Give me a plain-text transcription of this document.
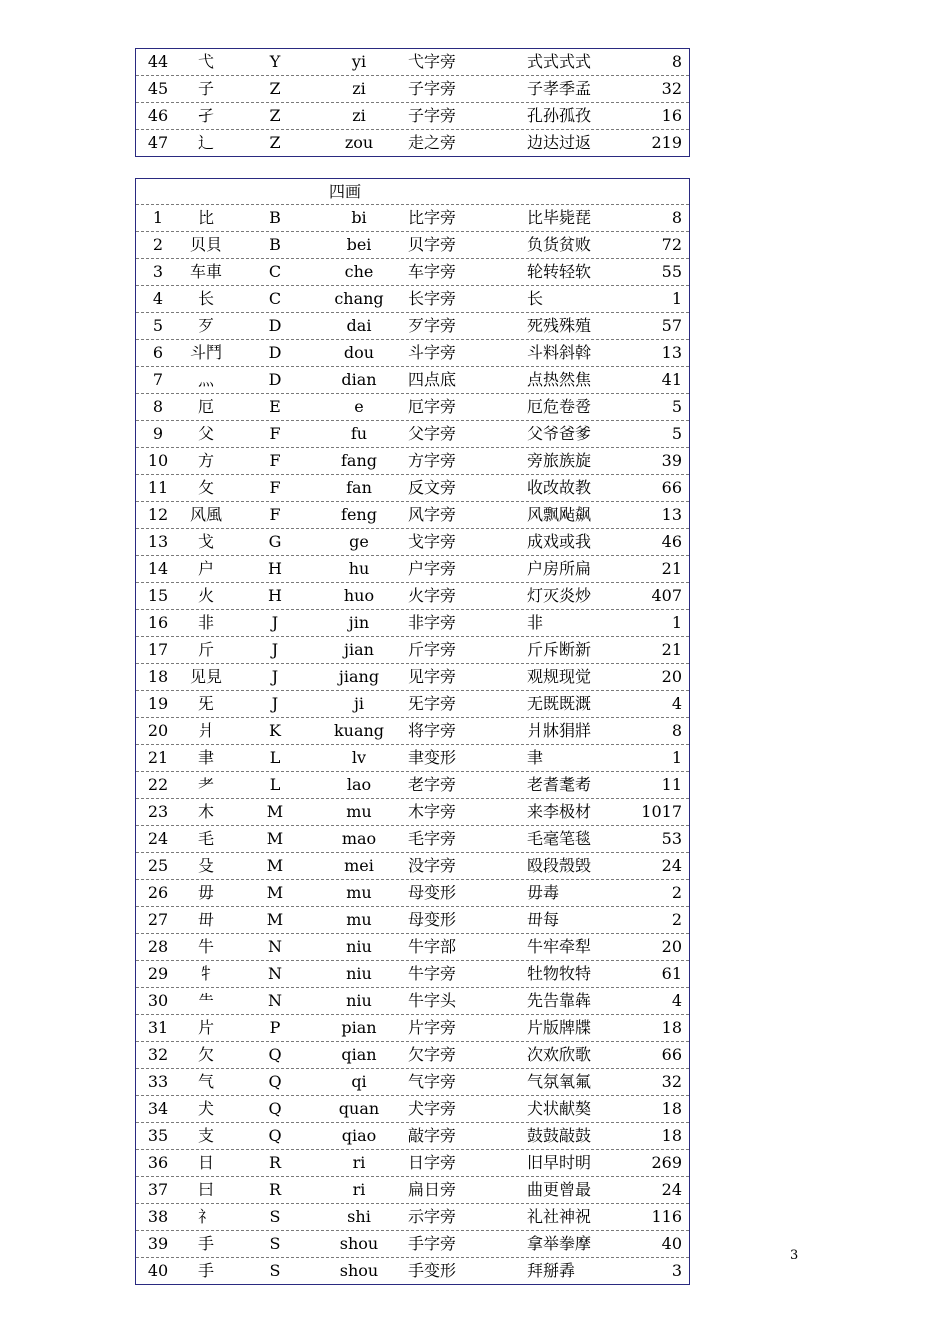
44	弋	Y	yi	弋字旁	式式式式	8
45	子	Z	zi	子字旁	子孝季孟	32
46	孑	Z	zi	子字旁	孔孙孤孜	16
47	辶	Z	zou	走之旁	边达过返	219
四画
1	比	B	bi	比字旁	比毕毙琵	8
2	贝貝	B	bei	贝字旁	负货贫败	72
3	车車	C	che	车字旁	轮转轻软	55
4	长	C	chang	长字旁	长	1
5	歹	D	dai	歹字旁	死残殊殖	57
6	斗鬥	D	dou	斗字旁	斗料斜斡	13
7	灬	D	dian	四点底	点热然焦	41
8	厄	E	e	厄字旁	厄危卷卺	5
9	父	F	fu	父字旁	父爷爸爹	5
10	方	F	fang	方字旁	旁旅族旋	39
11	攵	F	fan	反文旁	收改故教	66
12	风風	F	feng	风字旁	风飘飐飙	13
13	戈	G	ge	戈字旁	成戏或我	46
14	户	H	hu	户字旁	户房所扁	21
15	火	H	huo	火字旁	灯灭炎炒	407
16	非	J	jin	非字旁	非	1
17	斤	J	jian	斤字旁	斤斥断新	21
18	见見	J	jiang	见字旁	观规现觉	20
19	旡	J	ji	旡字旁	无既既溉	4
20	爿	K	kuang	将字旁	爿牀狷牂	8
21	聿	L	lv	聿变形	聿	1
22	耂	L	lao	老字旁	老耆耄耇	11
23	木	M	mu	木字旁	来李极材	1017
24	毛	M	mao	毛字旁	毛毫笔毯	53
25	殳	M	mei	没字旁	殴段殼毁	24
26	毋	M	mu	母变形	毋毒	2
27	毌	M	mu	母变形	毌每	2
28	牛	N	niu	牛字部	牛牢牵犁	20
29	牜	N	niu	牛字旁	牡物牧特	61
30	⺧	N	niu	牛字头	先告靠犇	4
31	片	P	pian	片字旁	片版牌牒	18
32	欠	Q	qian	欠字旁	次欢欣歌	66
33	气	Q	qi	气字旁	气氛氧氟	32
34	犬	Q	quan	犬字旁	犬状献獒	18
35	支	Q	qiao	敲字旁	鼓鼓敲鼓	18
36	日	R	ri	日字旁	旧早时明	269
37	曰	R	ri	扁日旁	曲更曾最	24
38	礻	S	shi	示字旁	礼社神祝	116
39	手	S	shou	手字旁	拿举拳摩	40
40	手	S	shou	手变形	拜掰掱	3
3
